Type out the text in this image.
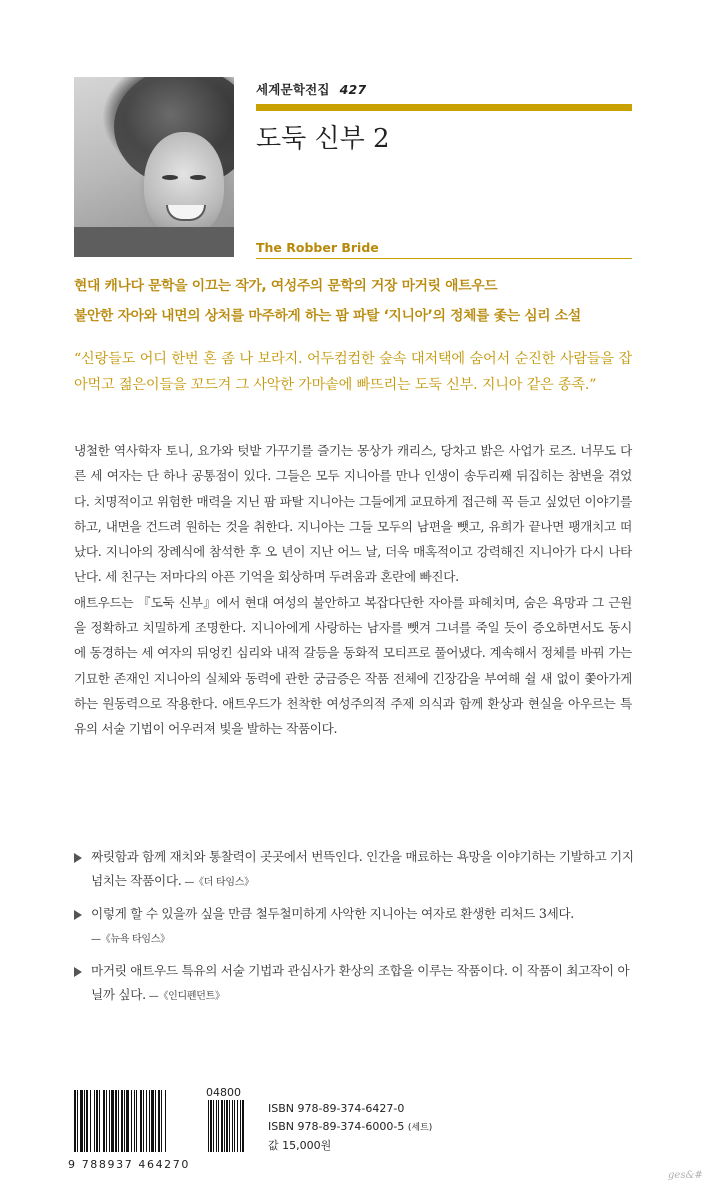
세계문학전집 427
도둑 신부 2
The Robber Bride
현대 캐나다 문학을 이끄는 작가, 여성주의 문학의 거장 마거릿 애트우드
불안한 자아와 내면의 상처를 마주하게 하는 팜 파탈 ‘지니아’의 정체를 좇는 심리 소설
“신랑들도 어디 한번 혼 좀 나 보라지. 어두컴컴한 숲속 대저택에 숨어서 순진한 사람들을 잡아먹고 젊은이들을 꼬드겨 그 사악한 가마솥에 빠뜨리는 도둑 신부. 지니아 같은 종족.”

냉철한 역사학자 토니, 요가와 텃밭 가꾸기를 즐기는 몽상가 캐리스, 당차고 밝은 사업가 로즈. 너무도 다른 세 여자는 단 하나 공통점이 있다. 그들은 모두 지니아를 만나 인생이 송두리째 뒤집히는 참변을 겪었다. 치명적이고 위험한 매력을 지닌 팜 파탈 지니아는 그들에게 교묘하게 접근해 꼭 듣고 싶었던 이야기를 하고, 내면을 건드려 원하는 것을 취한다. 지니아는 그들 모두의 남편을 뺏고, 유희가 끝나면 팽개치고 떠났다. 지니아의 장례식에 참석한 후 오 년이 지난 어느 날, 더욱 매혹적이고 강력해진 지니아가 다시 나타난다. 세 친구는 저마다의 아픈 기억을 회상하며 두려움과 혼란에 빠진다.

애트우드는 『도둑 신부』에서 현대 여성의 불안하고 복잡다단한 자아를 파헤치며, 숨은 욕망과 그 근원을 정확하고 치밀하게 조명한다. 지니아에게 사랑하는 남자를 뺏겨 그녀를 죽일 듯이 증오하면서도 동시에 동경하는 세 여자의 뒤엉킨 심리와 내적 갈등을 동화적 모티프로 풀어냈다. 계속해서 정체를 바꿔 가는 기묘한 존재인 지니아의 실체와 동력에 관한 궁금증은 작품 전체에 긴장감을 부여해 쉴 새 없이 쫓아가게 하는 원동력으로 작용한다. 애트우드가 천착한 여성주의적 주제 의식과 함께 환상과 현실을 아우르는 특유의 서술 기법이 어우러져 빛을 발하는 작품이다.

짜릿함과 함께 재치와 통찰력이 곳곳에서 번뜩인다. 인간을 매료하는 욕망을 이야기하는 기발하고 기지 넘치는 작품이다. —《더 타임스》
이렇게 할 수 있을까 싶을 만큼 철두철미하게 사악한 지니아는 여자로 환생한 리처드 3세다.
—《뉴욕 타임스》
마거릿 애트우드 특유의 서술 기법과 관심사가 환상의 조합을 이루는 작품이다. 이 작품이 최고작이 아닐까 싶다. —《인디펜던트》
04800
9 788937 464270
ISBN 978-89-374-6427-0
ISBN 978-89-374-6000-5 (세트)
값 15,000원
ges&#
